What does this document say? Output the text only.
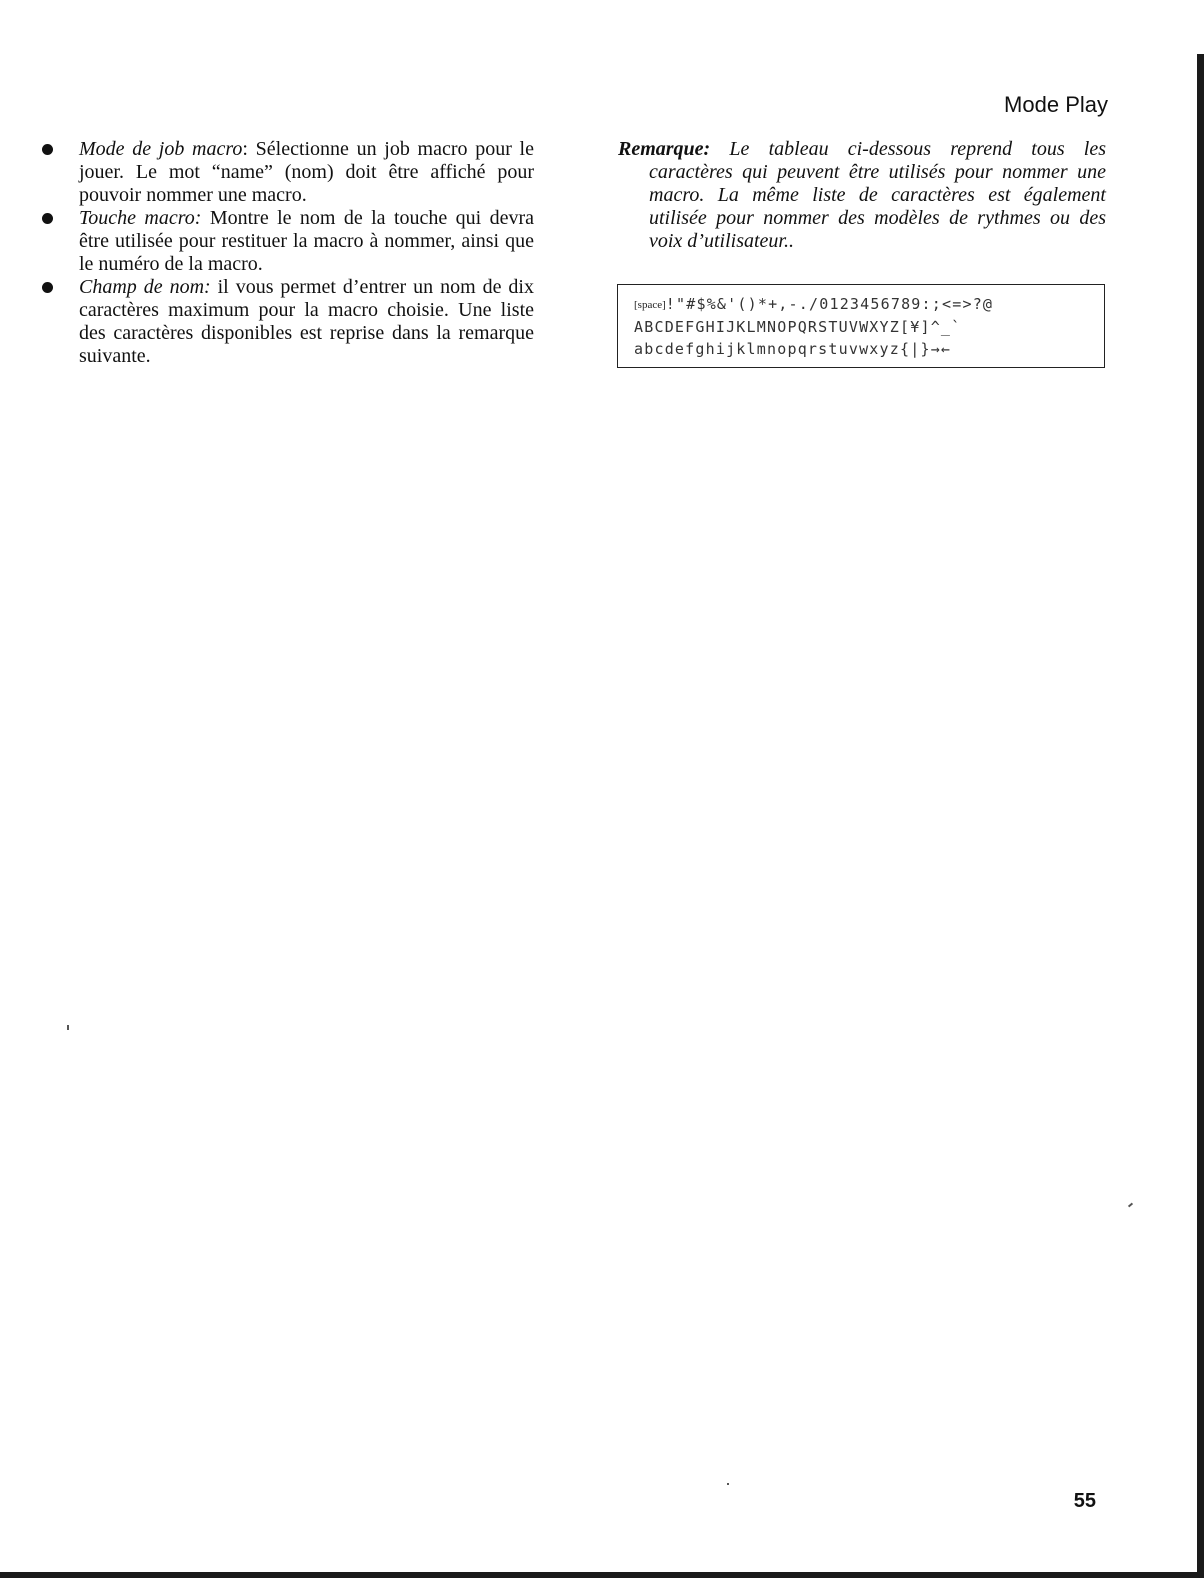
Mode Play
Mode de job macro: Sélectionne un job macro pour le jouer. Le mot “name” (nom) doit être affiché pour pouvoir nommer une macro.
Touche macro: Montre le nom de la touche qui devra être utilisée pour restituer la macro à nommer, ainsi que le numéro de la macro.
Champ de nom: il vous permet d’entrer un nom de dix caractères maximum pour la macro choisie. Une liste des caractères disponibles est reprise dans la remarque suivante.
Remarque: Le tableau ci-dessous reprend tous les caractères qui peuvent être utilisés pour nommer une macro. La même liste de caractères est également utilisée pour nommer des modèles de rythmes ou des voix d’utilisateur..
[space]!"#$%&'()*+,-./0123456789:;<=>?@
ABCDEFGHIJKLMNOPQRSTUVWXYZ[¥]^_`
abcdefghijklmnopqrstuvwxyz{|}→←
55
